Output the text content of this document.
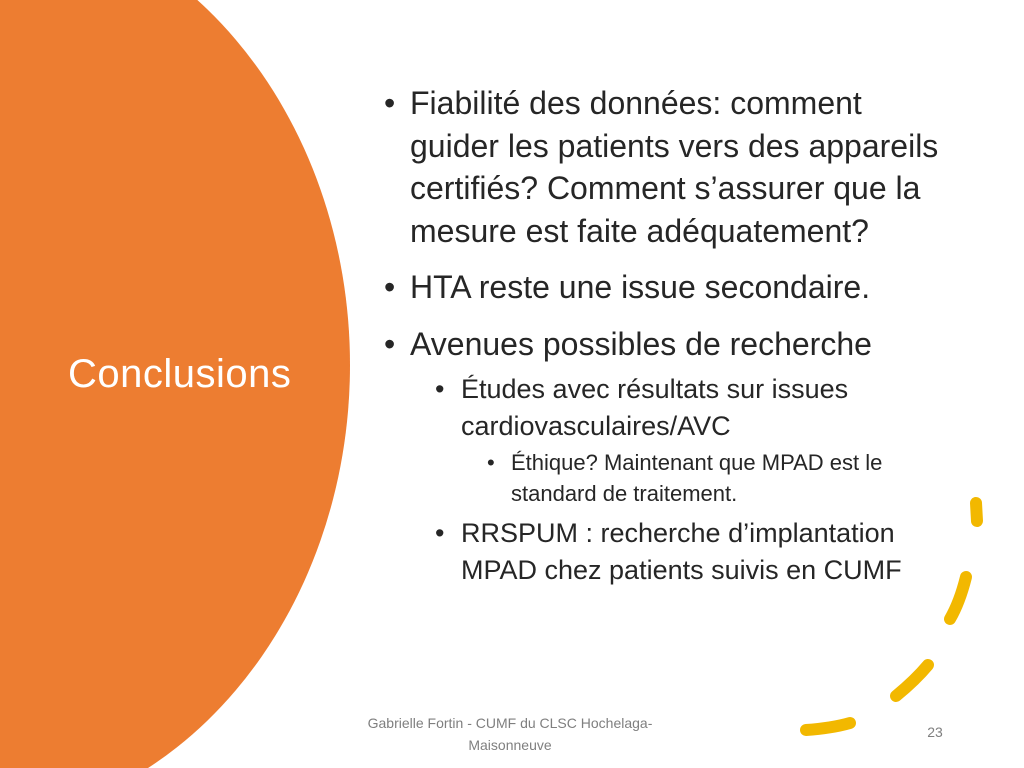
Conclusions
• Fiabilité des données: comment guider les patients vers des appareils certifiés? Comment s’assurer que la mesure est faite adéquatement?
• HTA reste une issue secondaire.
• Avenues possibles de recherche
• Études avec résultats sur issues cardiovasculaires/AVC
• Éthique? Maintenant que MPAD est le standard de traitement.
• RRSPUM : recherche d’implantation MPAD chez patients suivis en CUMF
Gabrielle Fortin - CUMF du CLSC Hochelaga-Maisonneuve
23
